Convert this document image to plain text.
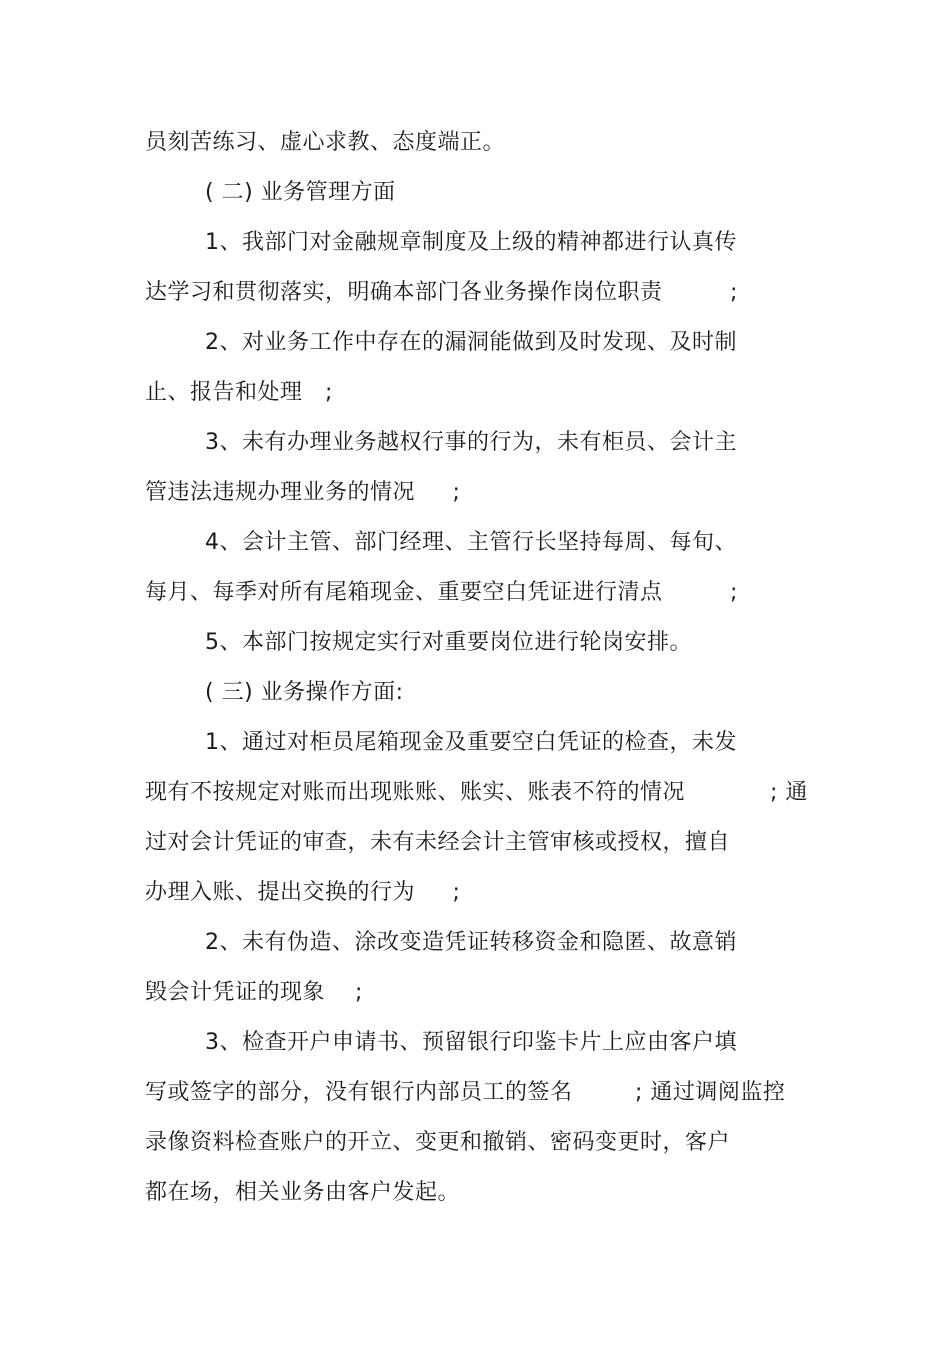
员刻苦练习、虚心求教、态度端正。
( 二) 业务管理方面
1、我部门对金融规章制度及上级的精神都进行认真传
达学习和贯彻落实，明确本部门各业务操作岗位职责	;
2、对业务工作中存在的漏洞能做到及时发现、及时制
止、报告和处理   ;
3、未有办理业务越权行事的行为，未有柜员、会计主
管违法违规办理业务的情况     ;
4、会计主管、部门经理、主管行长坚持每周、每旬、
每月、每季对所有尾箱现金、重要空白凭证进行清点	;
5、本部门按规定实行对重要岗位进行轮岗安排。
( 三) 业务操作方面:
1、通过对柜员尾箱现金及重要空白凭证的检查，未发
现有不按规定对账而出现账账、账实、账表不符的情况	; 通
过对会计凭证的审查，未有未经会计主管审核或授权，擅自
办理入账、提出交换的行为     ;
2、未有伪造、涂改变造凭证转移资金和隐匿、故意销
毁会计凭证的现象    ;
3、检查开户申请书、预留银行印鉴卡片上应由客户填
写或签字的部分，没有银行内部员工的签名	; 通过调阅监控
录像资料检查账户的开立、变更和撤销、密码变更时，客户
都在场，相关业务由客户发起。
